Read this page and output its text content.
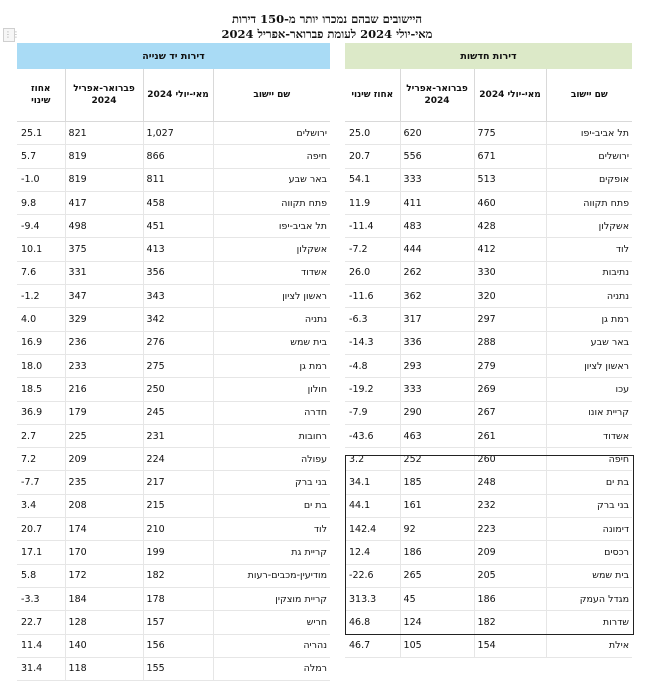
היישובים שבהם נמכרו יותר מ-150 דירות
מאי-יולי 2024 לעומת פברואר-אפריל 2024
⋮⋮
דירות חדשות			
שם יישוב	מאי-יולי 2024	פברואר-אפריל 2024	אחוז שינוי
תל אביב-יפו	775	620	25.0
ירושלים	671	556	20.7
אופקים	513	333	54.1
פתח תקווה	460	411	11.9
אשקלון	428	483	11.4-
לוד	412	444	7.2-
נתיבות	330	262	26.0
נתניה	320	362	11.6-
רמת גן	297	317	6.3-
באר שבע	288	336	14.3-
ראשון לציון	279	293	4.8-
עכו	269	333	19.2-
קריית אונו	267	290	7.9-
אשדוד	261	463	43.6-
חיפה	260	252	3.2
בת ים	248	185	34.1
בני ברק	232	161	44.1
דימונה	223	92	142.4
רכסים	209	186	12.4
בית שמש	205	265	22.6-
מגדל העמק	186	45	313.3
שדרות	182	124	46.8
אילת	154	105	46.7
דירות יד שנייה			
שם יישוב	מאי-יולי 2024	פברואר-אפריל 2024	אחוז שינוי
ירושלים	1,027	821	25.1
חיפה	866	819	5.7
באר שבע	811	819	1.0-
פתח תקווה	458	417	9.8
תל אביב-יפו	451	498	9.4-
אשקלון	413	375	10.1
אשדוד	356	331	7.6
ראשון לציון	343	347	1.2-
נתניה	342	329	4.0
בית שמש	276	236	16.9
רמת גן	275	233	18.0
חולון	250	216	18.5
חדרה	245	179	36.9
רחובות	231	225	2.7
עפולה	224	209	7.2
בני ברק	217	235	7.7-
בת ים	215	208	3.4
לוד	210	174	20.7
קריית גת	199	170	17.1
מודיעין-מכבים-רעות	182	172	5.8
קריית מוצקין	178	184	3.3-
חריש	157	128	22.7
נהריה	156	140	11.4
רמלה	155	118	31.4
